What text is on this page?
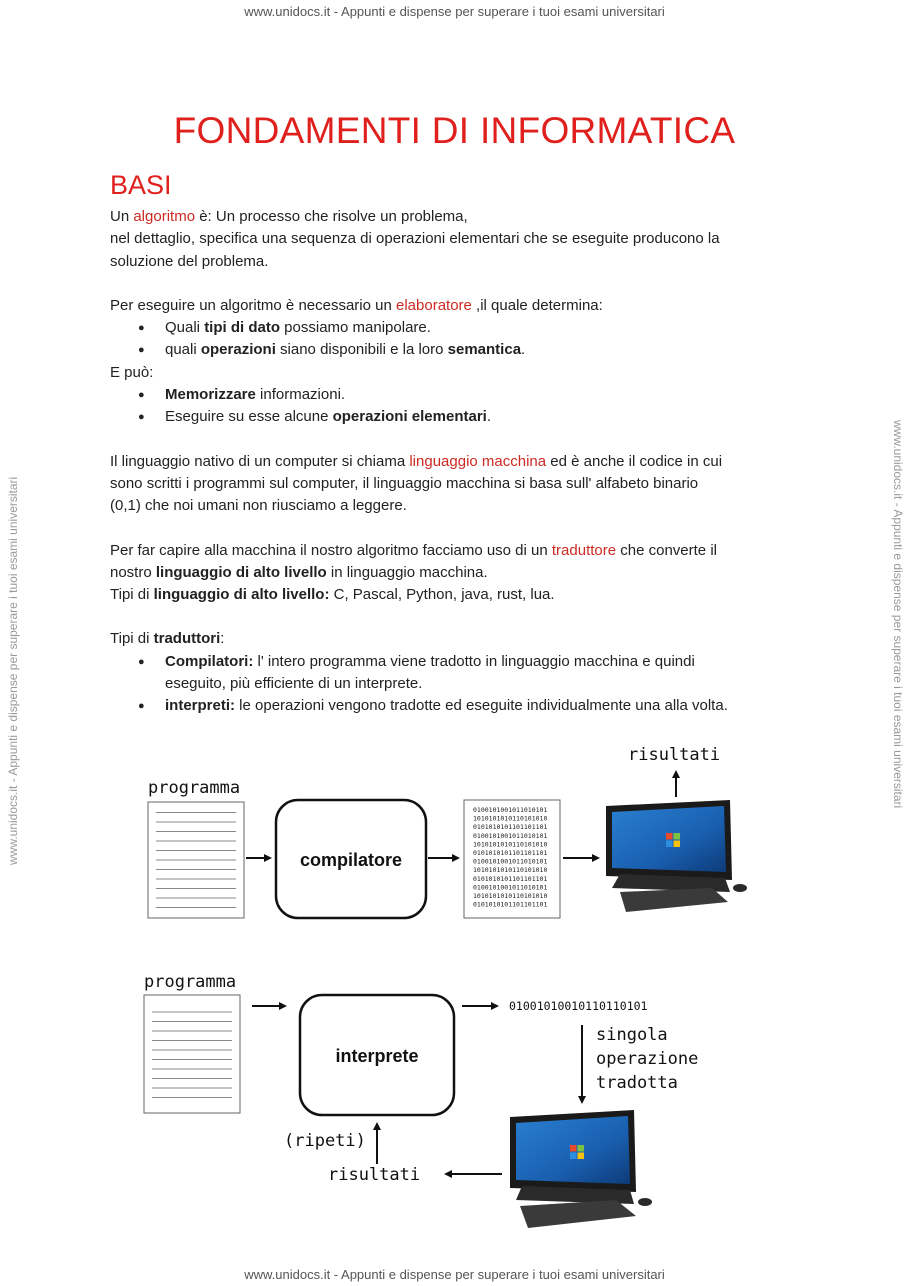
www.unidocs.it - Appunti e dispense per superare i tuoi esami universitari
www.unidocs.it - Appunti e dispense per superare i tuoi esami universitari
www.unidocs.it - Appunti e dispense per superare i tuoi esami universitari	www.unidocs.it - Appunti e dispense per superare i tuoi esami universitari
FONDAMENTI DI INFORMATICA
BASI

Un algoritmo è: Un processo che risolve un problema,
nel dettaglio, specifica una sequenza di operazioni elementari che se eseguite producono la
soluzione del problema.

Per eseguire un algoritmo è necessario un elaboratore ,il quale determina:

● Quali tipi di dato possiamo manipolare.
● quali operazioni siano disponibili e la loro semantica.

E può:

● Memorizzare informazioni.
● Eseguire su esse alcune operazioni elementari.

Il linguaggio nativo di un computer si chiama linguaggio macchina ed è anche il codice in cui
sono scritti i programmi sul computer, il linguaggio macchina si basa sull' alfabeto binario
(0,1) che noi umani non riusciamo a leggere.

Per far capire alla macchina il nostro algoritmo facciamo uso di un traduttore che converte il
nostro linguaggio di alto livello in linguaggio macchina.
Tipi di linguaggio di alto livello: C, Pascal, Python, java, rust, lua.

Tipi di traduttori:

● Compilatori: l' intero programma viene tradotto in linguaggio macchina e quindi
eseguito, più efficiente di un interprete.
● interpreti: le operazioni vengono tradotte ed eseguite individualmente una alla volta.
programma
compilatore
0100101001011010101
1010101010110101010
0101010101101101101
0100101001011010101
1010101010110101010
0101010101101101101
0100101001011010101
1010101010110101010
0101010101101101101
0100101001011010101
1010101010110101010
0101010101101101101
risultati
programma
interprete
01001010010110110101
singola
operazione
tradotta
risultati
(ripeti)
